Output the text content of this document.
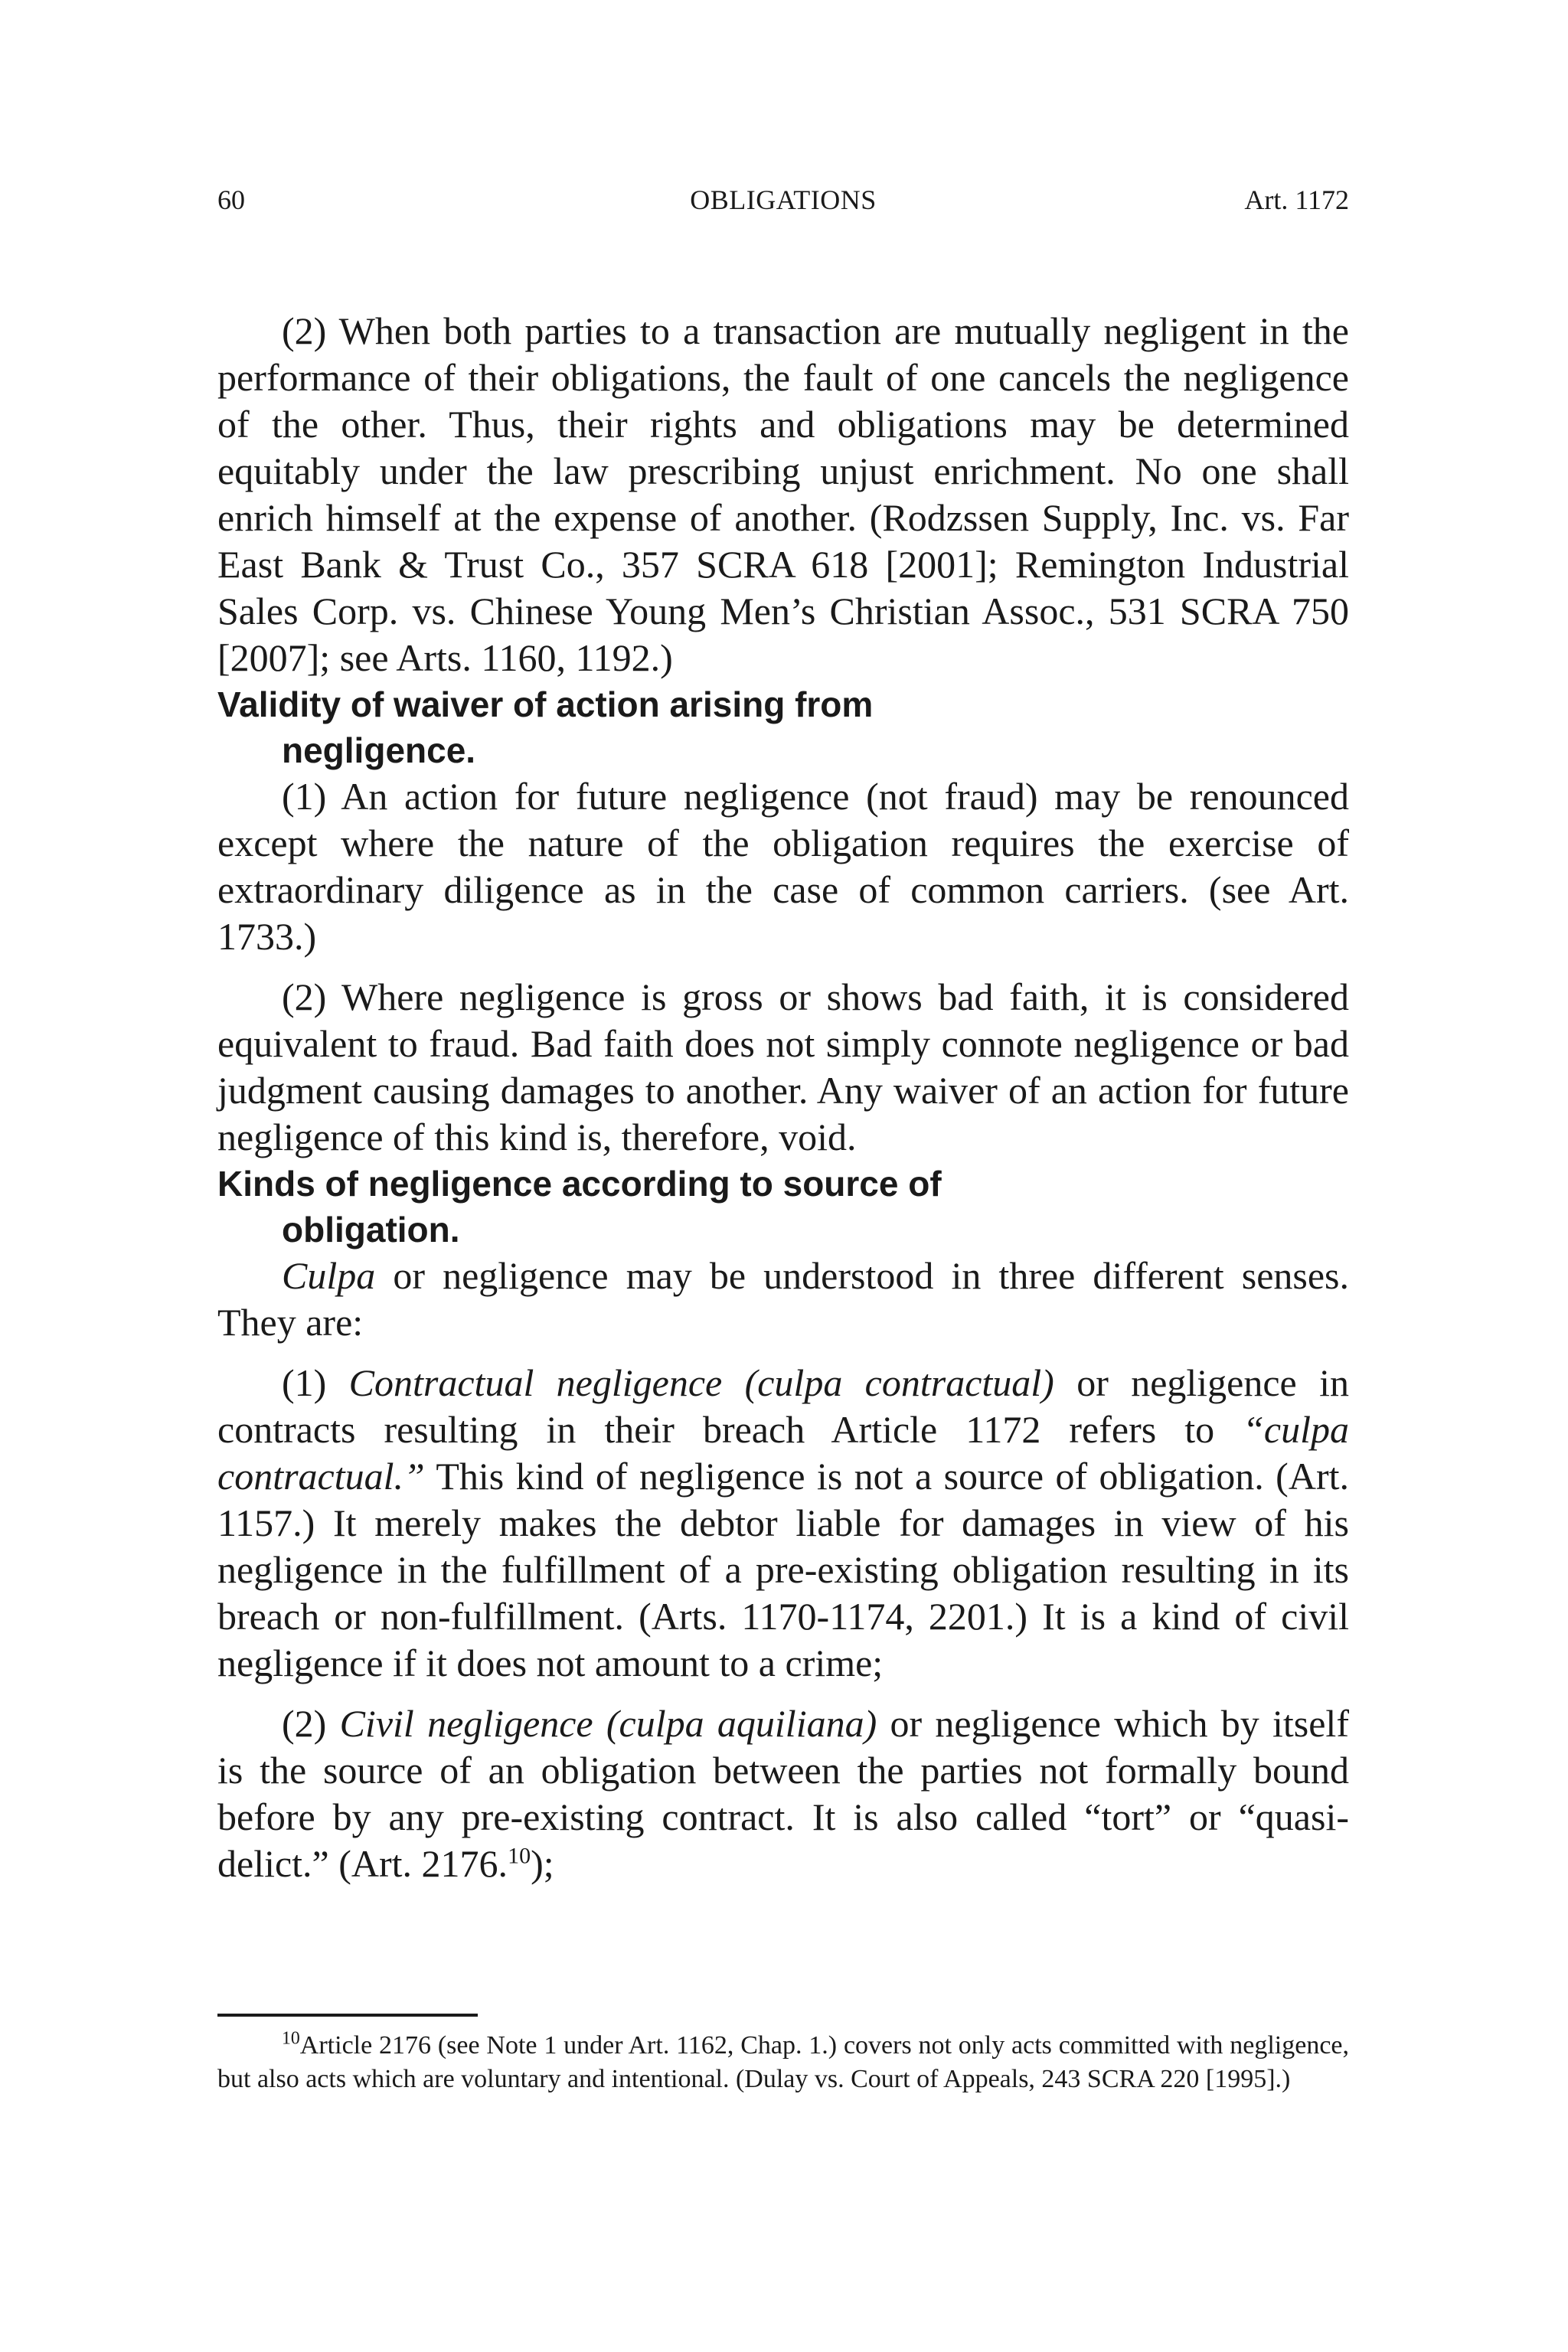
60	OBLIGATIONS	Art. 1172

(2) When both parties to a transaction are mutually negligent in the performance of their obligations, the fault of one cancels the negligence of the other. Thus, their rights and obligations may be determined equitably under the law prescribing unjust enrichment. No one shall enrich himself at the expense of another. (Rodzssen Supply, Inc. vs. Far East Bank & Trust Co., 357 SCRA 618 [2001]; Remington Industrial Sales Corp. vs. Chinese Young Men’s Christian Assoc., 531 SCRA 750 [2007]; see Arts. 1160, 1192.)

Validity of waiver of action arising from negligence.

(1) An action for future negligence (not fraud) may be renounced except where the nature of the obligation requires the exercise of extraordinary diligence as in the case of common carriers. (see Art. 1733.)

(2) Where negligence is gross or shows bad faith, it is considered equivalent to fraud. Bad faith does not simply connote negligence or bad judgment causing damages to another. Any waiver of an action for future negligence of this kind is, therefore, void.

Kinds of negligence according to source of obligation.

Culpa or negligence may be understood in three different senses. They are:

(1) Contractual negligence (culpa contractual) or negligence in contracts resulting in their breach Article 1172 refers to “culpa contractual.” This kind of negligence is not a source of obligation. (Art. 1157.) It merely makes the debtor liable for damages in view of his negligence in the fulfillment of a pre-existing obligation resulting in its breach or non-fulfillment. (Arts. 1170-1174, 2201.) It is a kind of civil negligence if it does not amount to a crime;

(2) Civil negligence (culpa aquiliana) or negligence which by itself is the source of an obligation between the parties not formally bound before by any pre-existing contract. It is also called “tort” or “quasi-delict.” (Art. 2176.10);

$^{10}$Article 2176 (see Note 1 under Art. 1162, Chap. 1.) covers not only acts committed with negligence, but also acts which are voluntary and intentional. (Dulay vs. Court of Appeals, 243 SCRA 220 [1995].)
